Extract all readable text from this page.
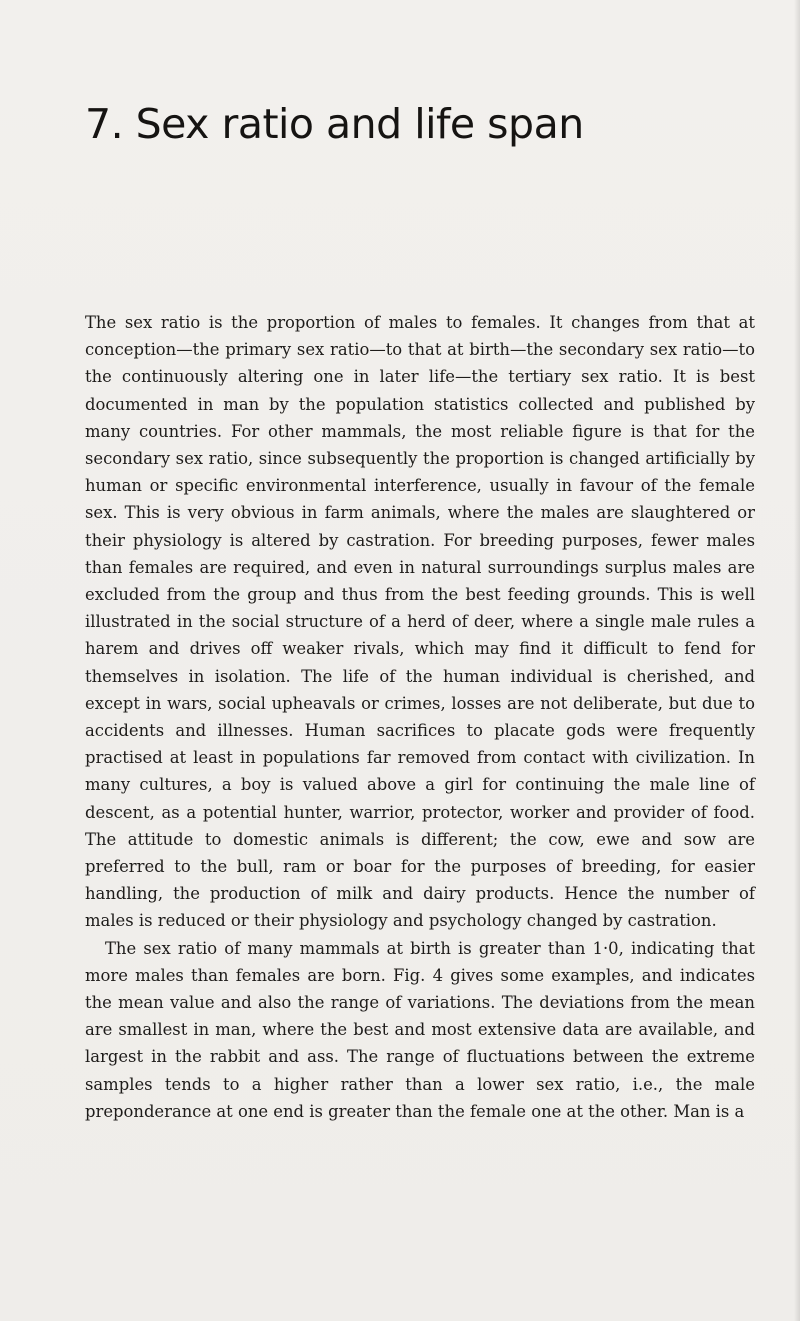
7. Sex ratio and life span

The sex ratio is the proportion of males to females. It changes from that at conception—the primary sex ratio—to that at birth—the secondary sex ratio—to the continuously altering one in later life—the tertiary sex ratio. It is best documented in man by the population statistics collected and published by many countries. For other mammals, the most reliable figure is that for the secondary sex ratio, since subsequently the proportion is changed artificially by human or specific environmental interference, usually in favour of the female sex. This is very obvious in farm animals, where the males are slaughtered or their physiology is altered by castration. For breeding purposes, fewer males than females are required, and even in natural surroundings surplus males are excluded from the group and thus from the best feeding grounds. This is well illustrated in the social structure of a herd of deer, where a single male rules a harem and drives off weaker rivals, which may find it difficult to fend for themselves in isolation. The life of the human individual is cherished, and except in wars, social upheavals or crimes, losses are not deliberate, but due to accidents and illnesses. Human sacrifices to placate gods were frequently practised at least in populations far removed from contact with civilization. In many cultures, a boy is valued above a girl for continuing the male line of descent, as a potential hunter, warrior, protector, worker and provider of food. The attitude to domestic animals is different; the cow, ewe and sow are preferred to the bull, ram or boar for the purposes of breeding, for easier handling, the production of milk and dairy products. Hence the number of males is reduced or their physiology and psychology changed by castration.

The sex ratio of many mammals at birth is greater than 1·0, indicating that more males than females are born. Fig. 4 gives some examples, and indicates the mean value and also the range of variations. The deviations from the mean are smallest in man, where the best and most extensive data are available, and largest in the rabbit and ass. The range of fluctuations between the extreme samples tends to a higher rather than a lower sex ratio, i.e., the male preponderance at one end is greater than the female one at the other. Man is a
